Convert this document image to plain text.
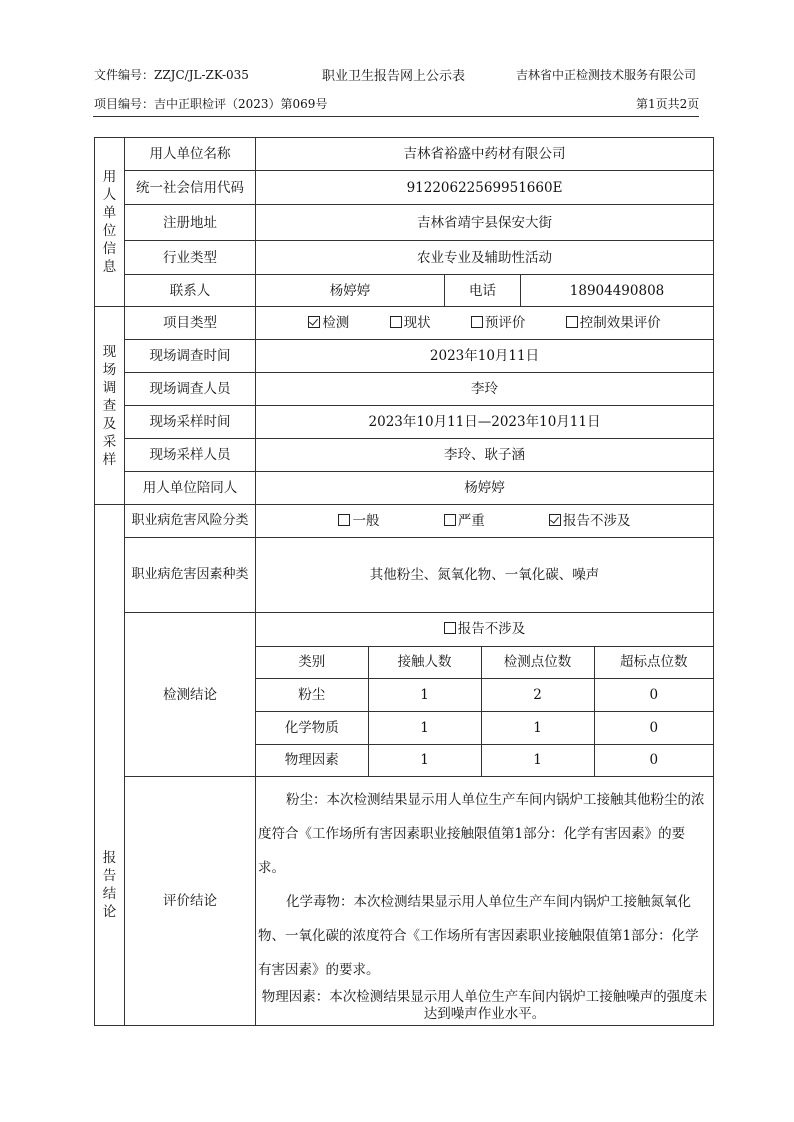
文件编号：ZZJC/JL-ZK-035	职业卫生报告网上公示表	吉林省中正检测技术服务有限公司
项目编号：吉中正职检评（2023）第069号	第1页共2页
用人单位信息
	用人单位名称	吉林省裕盛中药材有限公司
统一社会信用代码	91220622569951660E
注册地址	吉林省靖宇县保安大街
行业类型	农业专业及辅助性活动
联系人	杨婷婷	电话	18904490808

现场调查及采样
	项目类型	检测	现状	预评价	控制效果评价
现场调查时间	2023年10月11日
现场调查人员	李玲
现场采样时间	2023年10月11日—2023年10月11日
现场采样人员	李玲、耿子涵
用人单位陪同人	杨婷婷

报告结论
	职业病危害风险分类	一般	严重	报告不涉及
职业病危害因素种类	其他粉尘、氮氧化物、一氧化碳、噪声
检测结论	
报告不涉及
类别	接触人数	检测点位数	超标点位数
粉尘	1	2	0
化学物质	1	1	0
物理因素	1	1	0

评价结论	

粉尘：本次检测结果显示用人单位生产车间内锅炉工接触其他粉尘的浓度符合《工作场所有害因素职业接触限值第1部分：化学有害因素》的要求。

化学毒物：本次检测结果显示用人单位生产车间内锅炉工接触氮氧化物、一氧化碳的浓度符合《工作场所有害因素职业接触限值第1部分：化学有害因素》的要求。

物理因素：本次检测结果显示用人单位生产车间内锅炉工接触噪声的强度未达到噪声作业水平。
